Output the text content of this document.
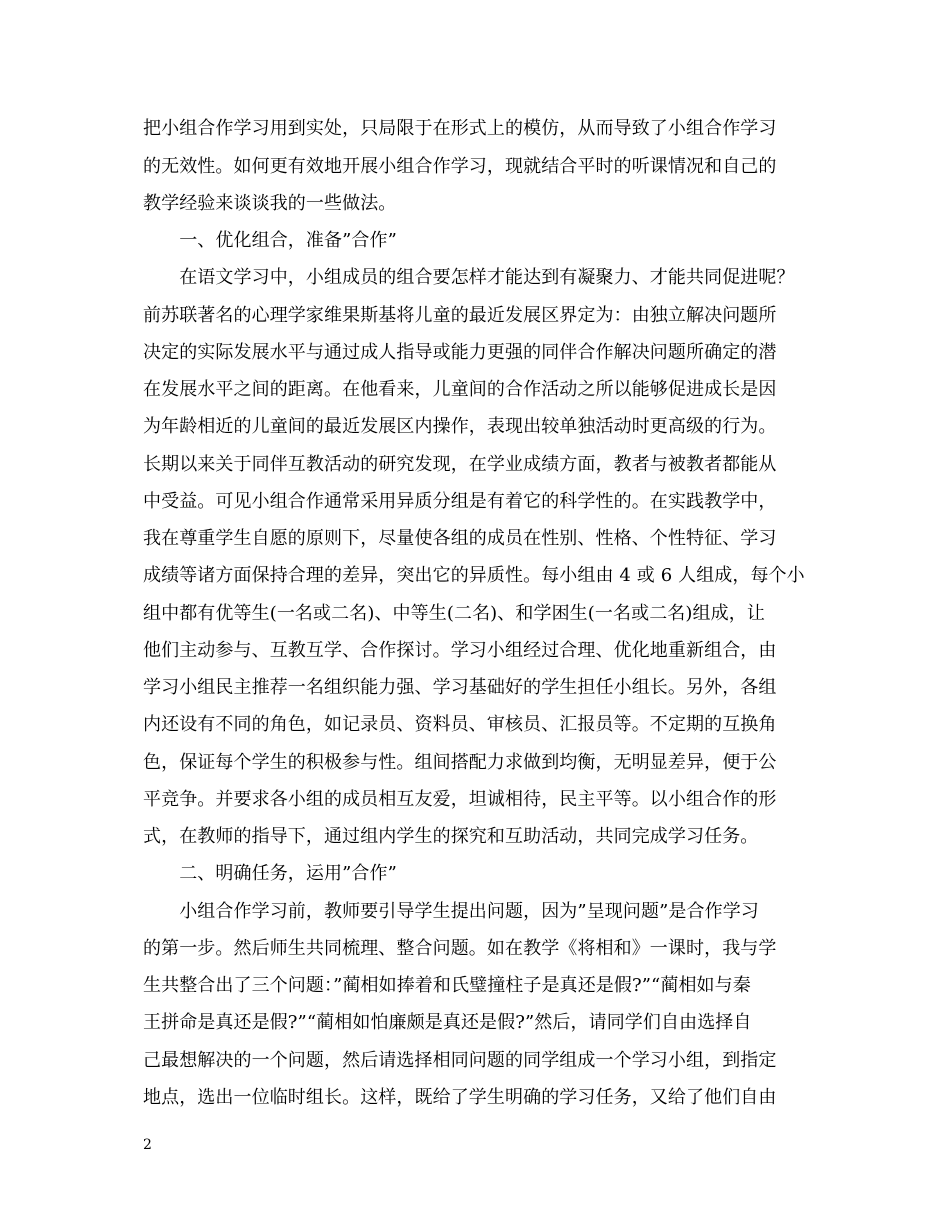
把小组合作学习用到实处，只局限于在形式上的模仿，从而导致了小组合作学习
的无效性。如何更有效地开展小组合作学习，现就结合平时的听课情况和自己的
教学经验来谈谈我的一些做法。
　　一、优化组合，准备”合作”
　　在语文学习中，小组成员的组合要怎样才能达到有凝聚力、才能共同促进呢？
前苏联著名的心理学家维果斯基将儿童的最近发展区界定为：由独立解决问题所
决定的实际发展水平与通过成人指导或能力更强的同伴合作解决问题所确定的潜
在发展水平之间的距离。在他看来，儿童间的合作活动之所以能够促进成长是因
为年龄相近的儿童间的最近发展区内操作，表现出较单独活动时更高级的行为。
长期以来关于同伴互教活动的研究发现，在学业成绩方面，教者与被教者都能从
中受益。可见小组合作通常采用异质分组是有着它的科学性的。在实践教学中，
我在尊重学生自愿的原则下，尽量使各组的成员在性别、性格、个性特征、学习
成绩等诸方面保持合理的差异，突出它的异质性。每小组由 4 或 6 人组成，每个小
组中都有优等生(一名或二名)、中等生(二名)、和学困生(一名或二名)组成，让
他们主动参与、互教互学、合作探讨。学习小组经过合理、优化地重新组合，由
学习小组民主推荐一名组织能力强、学习基础好的学生担任小组长。另外，各组
内还设有不同的角色，如记录员、资料员、审核员、汇报员等。不定期的互换角
色，保证每个学生的积极参与性。组间搭配力求做到均衡，无明显差异，便于公
平竞争。并要求各小组的成员相互友爱，坦诚相待，民主平等。以小组合作的形
式，在教师的指导下，通过组内学生的探究和互助活动，共同完成学习任务。
　　二、明确任务，运用”合作”
　　小组合作学习前，教师要引导学生提出问题，因为”呈现问题”是合作学习
的第一步。然后师生共同梳理、整合问题。如在教学《将相和》一课时，我与学
生共整合出了三个问题：”蔺相如捧着和氏璧撞柱子是真还是假?”“蔺相如与秦
王拼命是真还是假?”“蔺相如怕廉颇是真还是假?”然后，请同学们自由选择自
己最想解决的一个问题，然后请选择相同问题的同学组成一个学习小组，到指定
地点，选出一位临时组长。这样，既给了学生明确的学习任务，又给了他们自由
2
